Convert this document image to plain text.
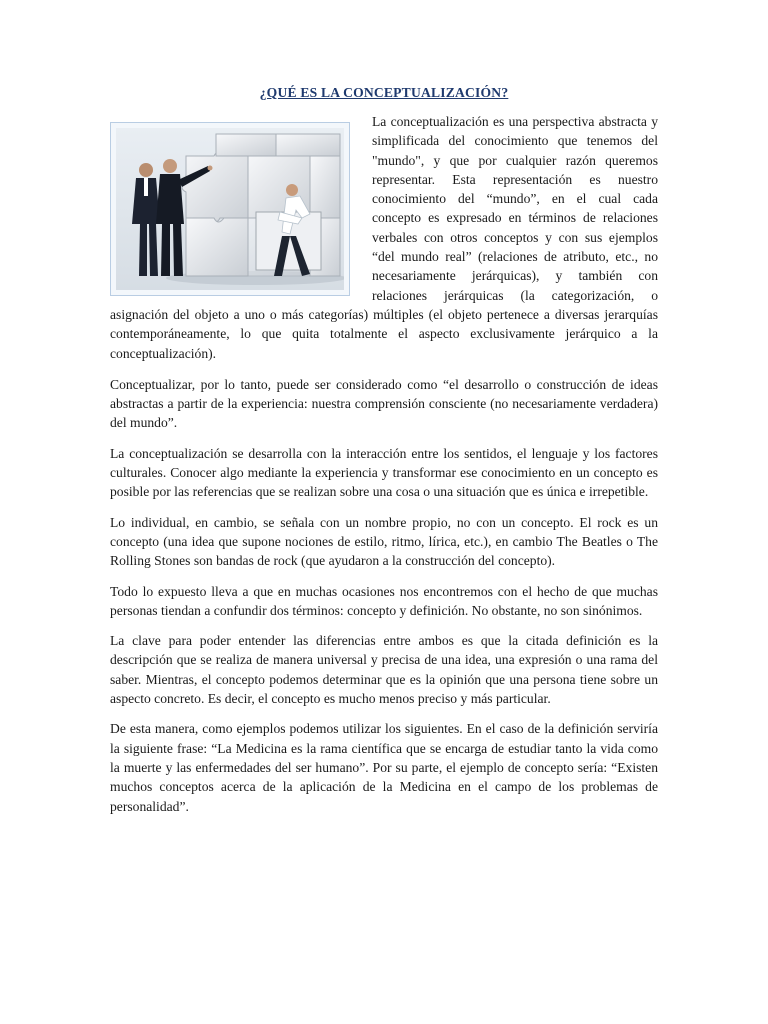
¿QUÉ ES LA CONCEPTUALIZACIÓN?

La conceptualización es una perspectiva abstracta y simplificada del conocimiento que tenemos del "mundo", y que por cualquier razón queremos representar. Esta representación es nuestro conocimiento del “mundo”, en el cual cada concepto es expresado en términos de relaciones verbales con otros conceptos y con sus ejemplos “del mundo real” (relaciones de atributo, etc., no necesariamente jerárquicas), y también con relaciones jerárquicas (la categorización, o asignación del objeto a uno o más categorías) múltiples (el objeto pertenece a diversas jerarquías contemporáneamente, lo que quita totalmente el aspecto exclusivamente jerárquico a la conceptualización).

Conceptualizar, por lo tanto, puede ser considerado como “el desarrollo o construcción de ideas abstractas a partir de la experiencia: nuestra comprensión consciente (no necesariamente verdadera) del mundo”.

La conceptualización se desarrolla con la interacción entre los sentidos, el lenguaje y los factores culturales. Conocer algo mediante la experiencia y transformar ese conocimiento en un concepto es posible por las referencias que se realizan sobre una cosa o una situación que es única e irrepetible.

Lo individual, en cambio, se señala con un nombre propio, no con un concepto. El rock es un concepto (una idea que supone nociones de estilo, ritmo, lírica, etc.), en cambio The Beatles o The Rolling Stones son bandas de rock (que ayudaron a la construcción del concepto).

Todo lo expuesto lleva a que en muchas ocasiones nos encontremos con el hecho de que muchas personas tiendan a confundir dos términos: concepto y definición. No obstante, no son sinónimos.

La clave para poder entender las diferencias entre ambos es que la citada definición es la descripción que se realiza de manera universal y precisa de una idea, una expresión o una rama del saber. Mientras, el concepto podemos determinar que es la opinión que una persona tiene sobre un aspecto concreto. Es decir, el concepto es mucho menos preciso y más particular.

De esta manera, como ejemplos podemos utilizar los siguientes. En el caso de la definición serviría la siguiente frase: “La Medicina es la rama científica que se encarga de estudiar tanto la vida como la muerte y las enfermedades del ser humano”. Por su parte, el ejemplo de concepto sería: “Existen muchos conceptos acerca de la aplicación de la Medicina en el campo de los problemas de personalidad”.
